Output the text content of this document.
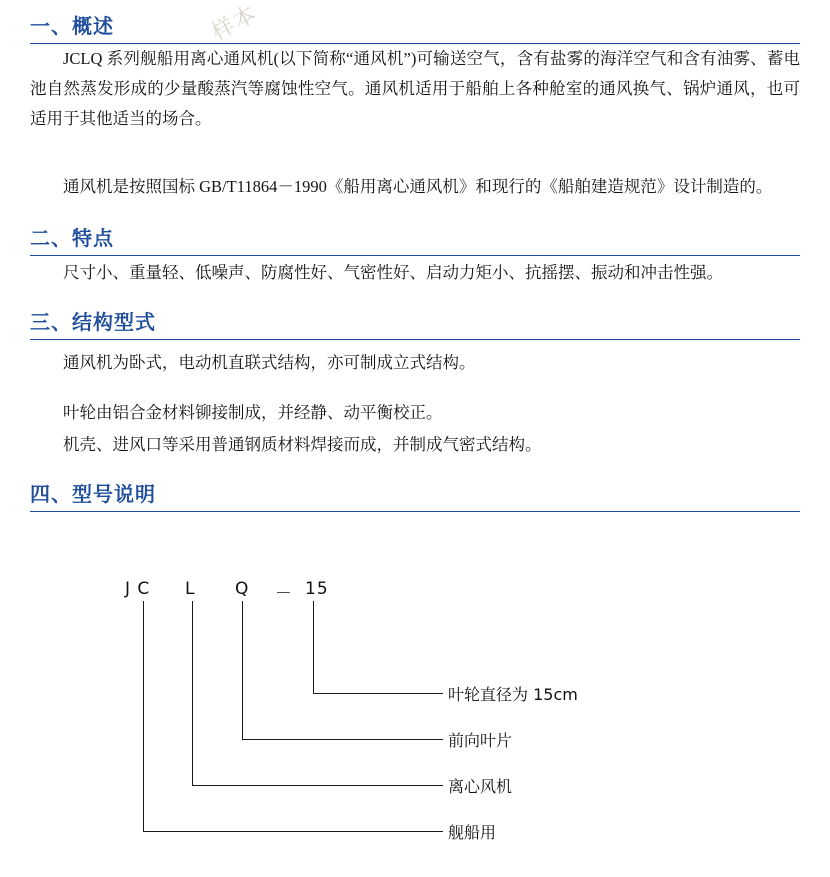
样本
一、概述

JCLQ 系列舰船用离心通风机(以下简称“通风机”)可输送空气，含有盐雾的海洋空气和含有油雾、蓄电池自然蒸发形成的少量酸蒸汽等腐蚀性空气。通风机适用于船舶上各种舱室的通风换气、锅炉通风，也可适用于其他适当的场合。

通风机是按照国标 GB/T11864－1990《船用离心通风机》和现行的《船舶建造规范》设计制造的。

二、特点

尺寸小、重量轻、低噪声、防腐性好、气密性好、启动力矩小、抗摇摆、振动和冲击性强。

三、结构型式

通风机为卧式，电动机直联式结构，亦可制成立式结构。

叶轮由铝合金材料铆接制成，并经静、动平衡校正。

机壳、进风口等采用普通钢质材料焊接而成，并制成气密式结构。

四、型号说明
J C L Q － 15
叶轮直径为 15cm
前向叶片
离心风机
舰船用
